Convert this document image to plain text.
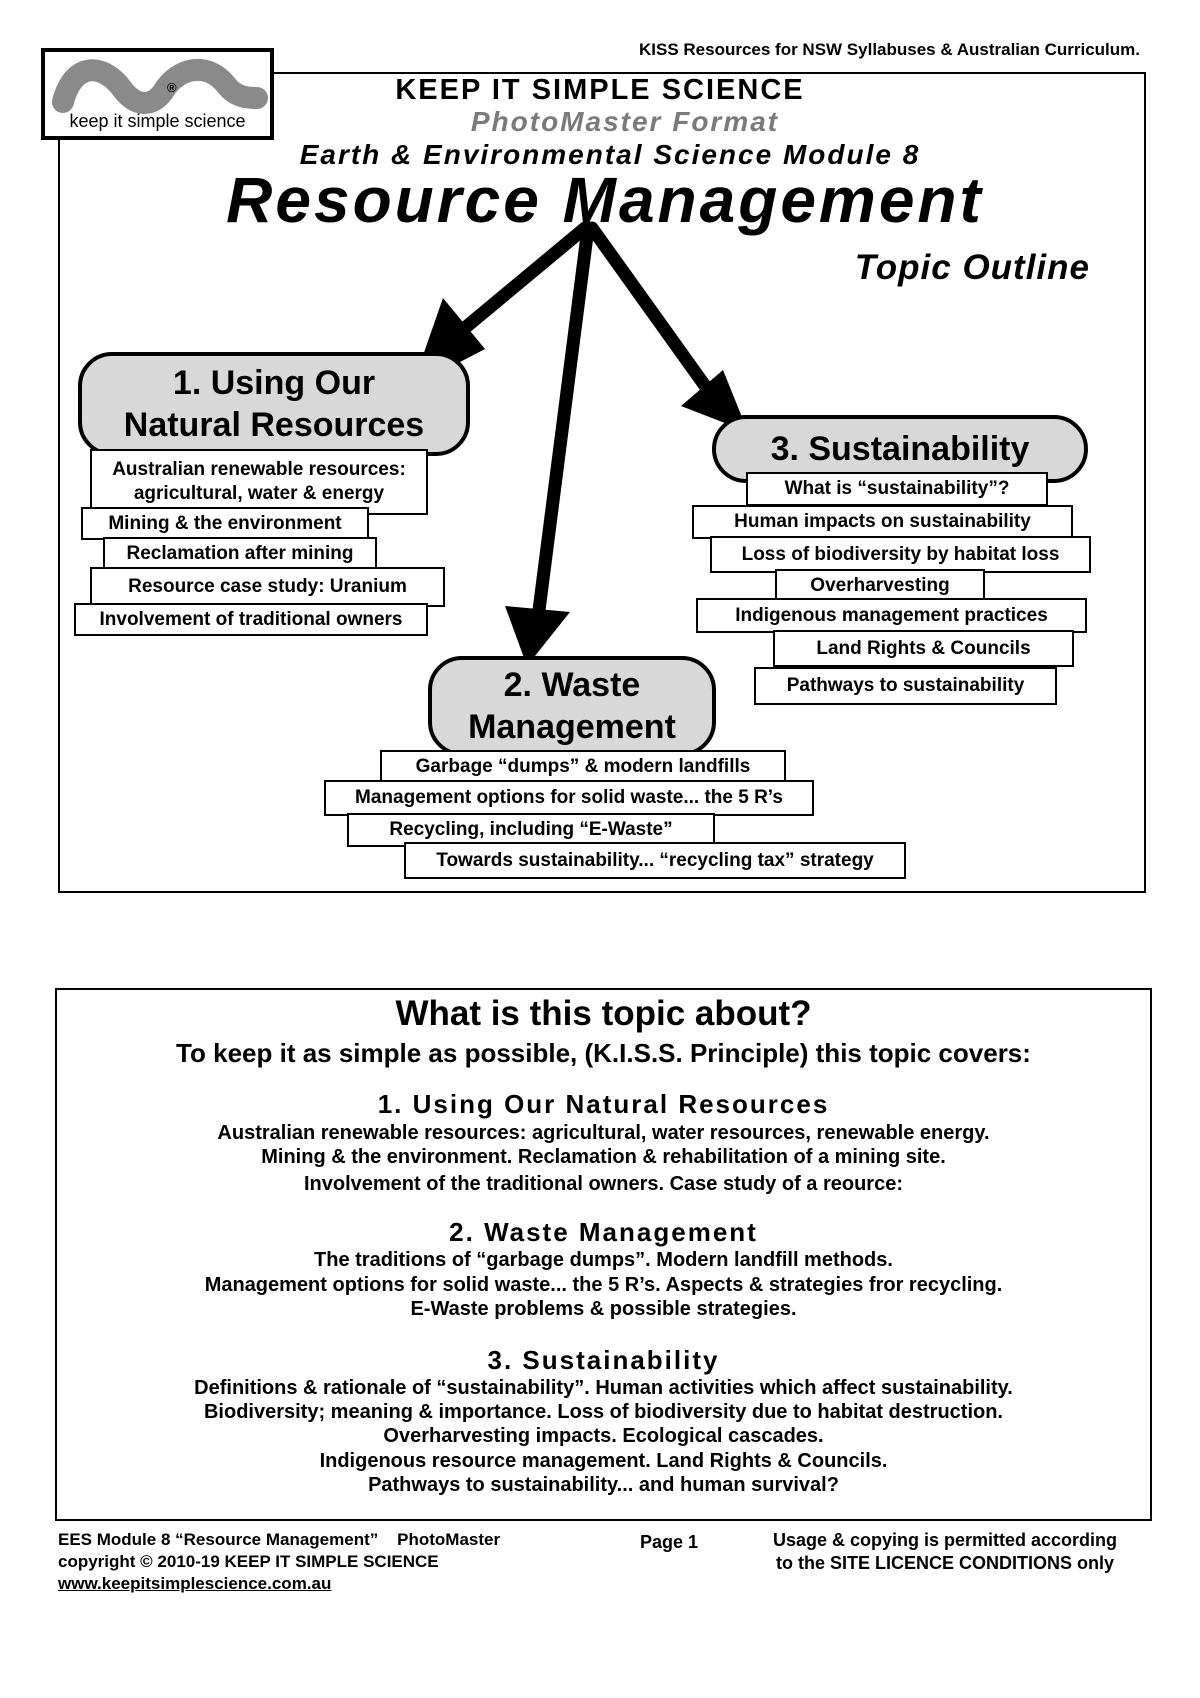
KISS Resources for NSW Syllabuses & Australian Curriculum.
®
keep it simple science
KEEP IT SIMPLE SCIENCE
PhotoMaster Format
Earth & Environmental Science Module 8
Resource Management
Topic Outline
1. Using Our
Natural Resources
Australian renewable resources:
agricultural, water & energy
Mining & the environment
Reclamation after mining
Resource case study: Uranium
Involvement of traditional owners
2. Waste
Management
Garbage “dumps” & modern landfills
Management options for solid waste... the 5 R’s
Recycling, including “E-Waste”
Towards sustainability... “recycling tax” strategy
3. Sustainability
What is “sustainability”?
Human impacts on sustainability
Loss of biodiversity by habitat loss
Overharvesting
Indigenous management practices
Land Rights & Councils
Pathways to sustainability
What is this topic about?
To keep it as simple as possible, (K.I.S.S. Principle) this topic covers:
1. Using Our Natural Resources
Australian renewable resources: agricultural, water resources, renewable energy.
Mining & the environment. Reclamation & rehabilitation of a mining site.
Involvement of the traditional owners. Case study of a reource:
2. Waste Management
The traditions of “garbage dumps”. Modern landfill methods.
Management options for solid waste... the 5 R’s. Aspects & strategies fror recycling.
E-Waste problems & possible strategies.
3. Sustainability
Definitions & rationale of “sustainability”. Human activities which affect sustainability.
Biodiversity; meaning & importance. Loss of biodiversity due to habitat destruction.
Overharvesting impacts. Ecological cascades.
Indigenous resource management. Land Rights & Councils.
Pathways to sustainability... and human survival?
EES Module 8 “Resource Management” PhotoMaster
copyright © 2010-19 KEEP IT SIMPLE SCIENCE
www.keepitsimplescience.com.au
Page 1	Usage & copying is permitted according
to the SITE LICENCE CONDITIONS only
